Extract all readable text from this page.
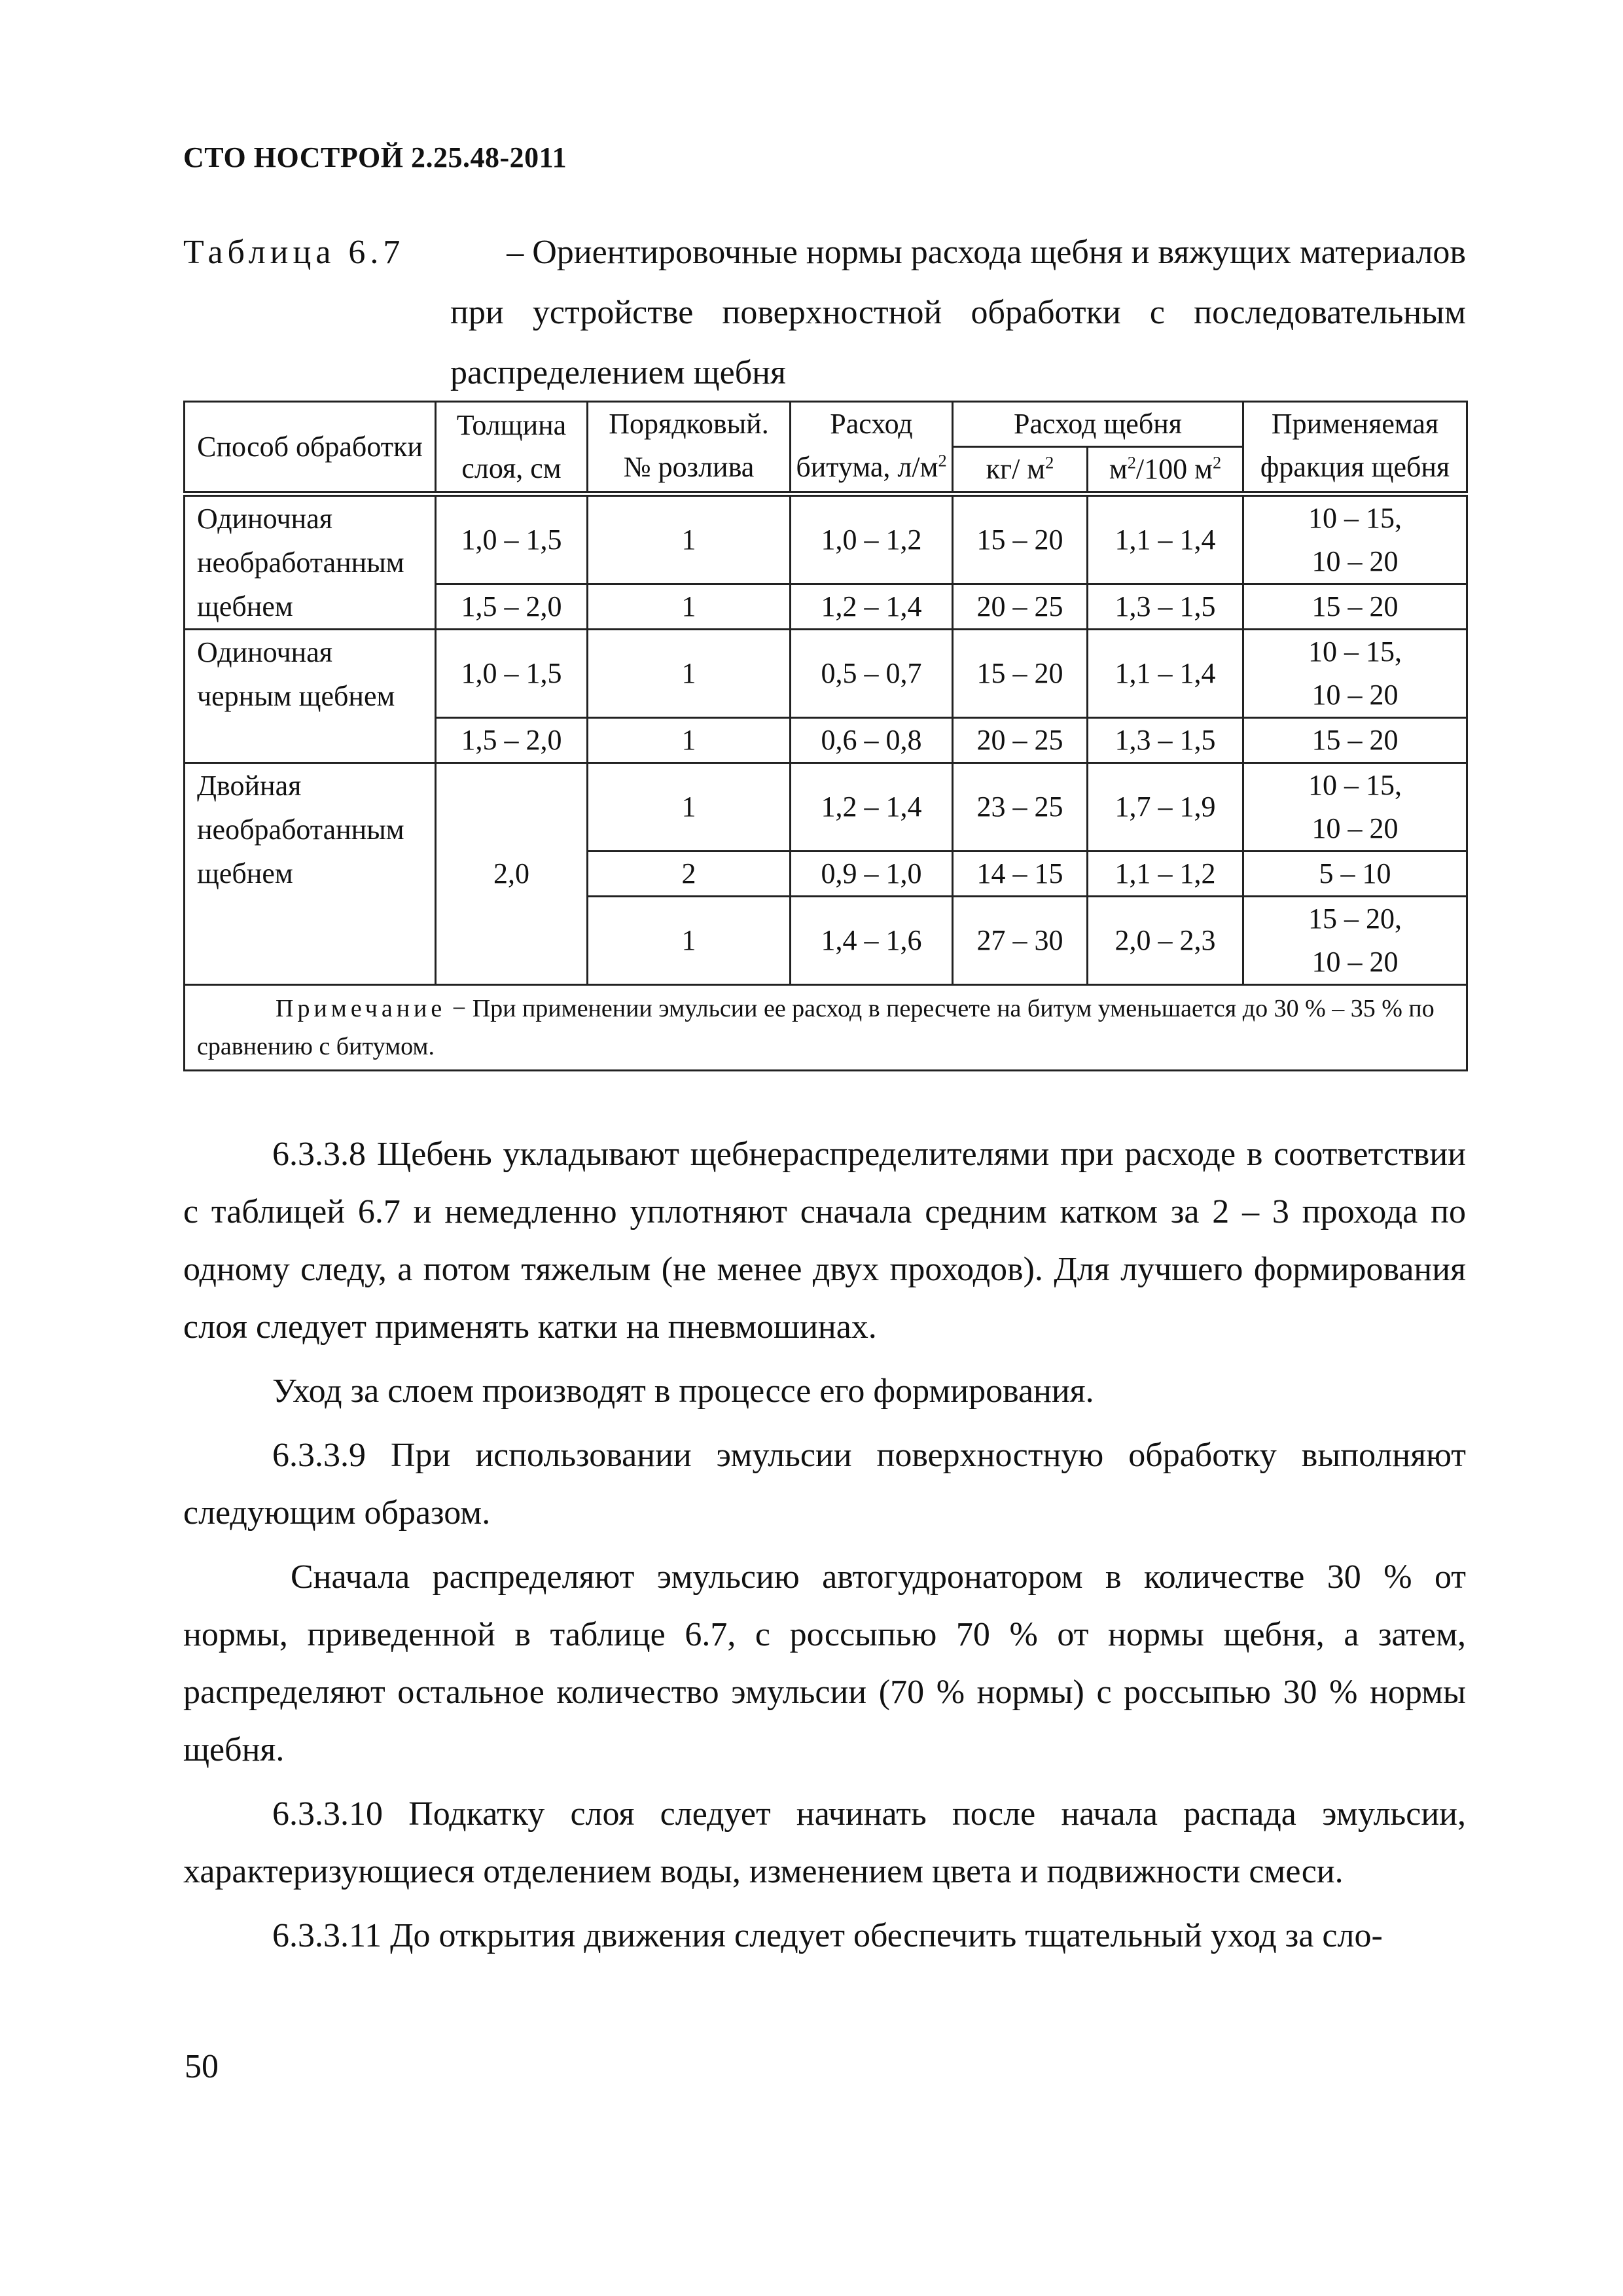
СТО НОСТРОЙ 2.25.48-2011
Таблица 6.7	– Ориентировочные нормы расхода щебня и вяжущих материалов
при устройстве поверхностной обработки с последовательным
распределением щебня
Способ обработки	Толщина слоя, см	Порядковый. № розлива	Расход битума, $л/м^2$	Расход щебня		Применяемая фракция щебня
				кг/ $м^2$	$м^2/100$ $м^2$
Одиночная необработанным щебнем	1,0 – 1,5	1	1,0 – 1,2	15 – 20	1,1 – 1,4	10 – 15,
10 – 20

	1,5 – 2,0	1	1,2 – 1,4	20 – 25	1,3 – 1,5	15 – 20
Одиночная черным щебнем	1,0 – 1,5	1	0,5 – 0,7	15 – 20	1,1 – 1,4	10 – 15,
10 – 20

	1,5 – 2,0	1	0,6 – 0,8	20 – 25	1,3 – 1,5	15 – 20
Двойная необработанным щебнем	2,0	1	1,2 – 1,4	23 – 25	1,7 – 1,9	10 – 15,
10 – 20

		2	0,9 – 1,0	14 – 15	1,1 – 1,2	5 – 10
		1	1,4 – 1,6	27 – 30	2,0 – 2,3	15 – 20,
10 – 20

Примечание − При применении эмульсии ее расход в пересчете на битум уменьшается до 30 % – 35 % по сравнению с битумом.						

6.3.3.8 Щебень укладывают щебнераспределителями при расходе в соответствии с таблицей 6.7 и немедленно уплотняют сначала средним катком за 2 – 3 прохода по одному следу, а потом тяжелым (не менее двух проходов). Для лучшего формирования слоя следует применять катки на пневмошинах.

Уход за слоем производят в процессе его формирования.

6.3.3.9 При использовании эмульсии поверхностную обработку выполняют следующим образом.

Сначала распределяют эмульсию автогудронатором в количестве 30 % от нормы, приведенной в таблице 6.7, с россыпью 70 % от нормы щебня, а затем, распределяют остальное количество эмульсии (70 % нормы) с россыпью 30 % нормы щебня.

6.3.3.10 Подкатку слоя следует начинать после начала распада эмульсии, характеризующиеся отделением воды, изменением цвета и подвижности смеси.

6.3.3.11 До открытия движения следует обеспечить тщательный уход за сло-

50
